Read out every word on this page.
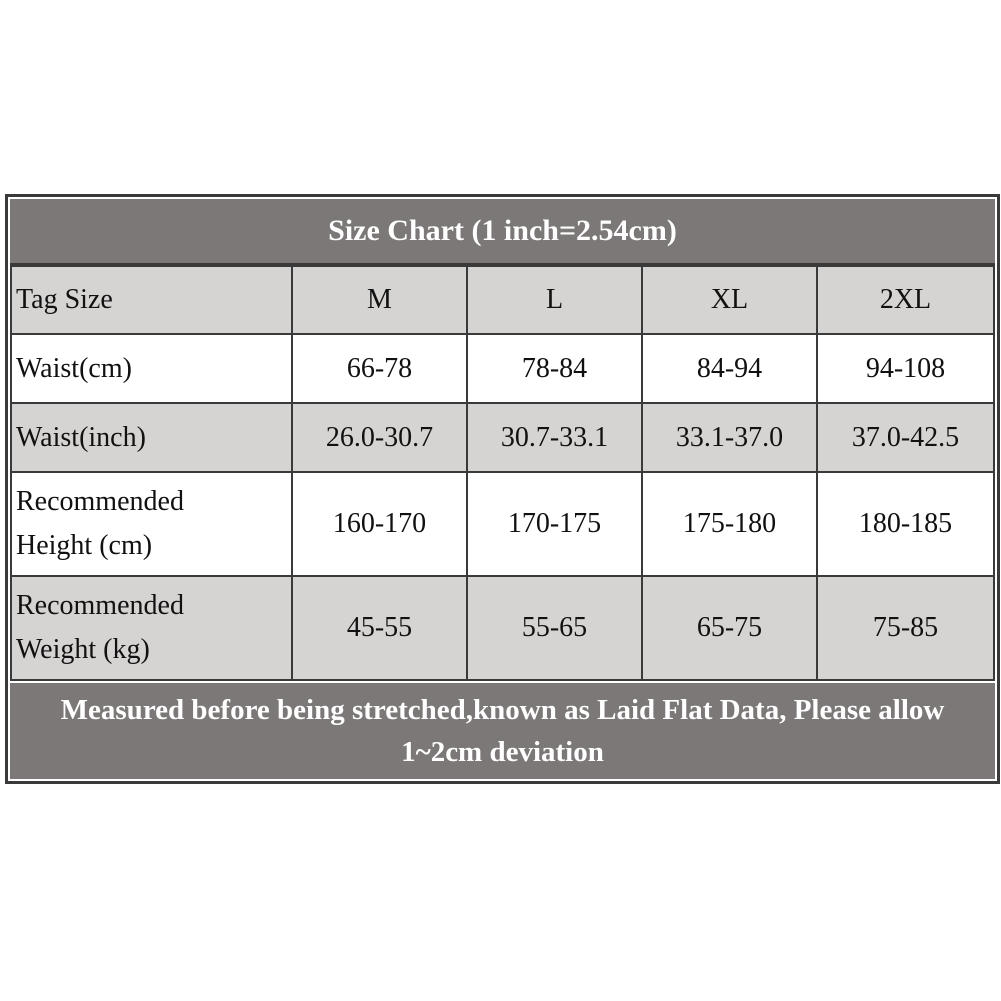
Size Chart (1 inch=2.54cm)
Tag Size	M	L	XL	2XL
Waist(cm)	66-78	78-84	84-94	94-108
Waist(inch)	26.0-30.7	30.7-33.1	33.1-37.0	37.0-42.5

Recommended
Height (cm)	160-170	170-175	175-180	180-185

Recommended
Weight (kg)	45-55	55-65	65-75	75-85
Measured before being stretched,known as Laid Flat Data, Please allow 1~2cm deviation
